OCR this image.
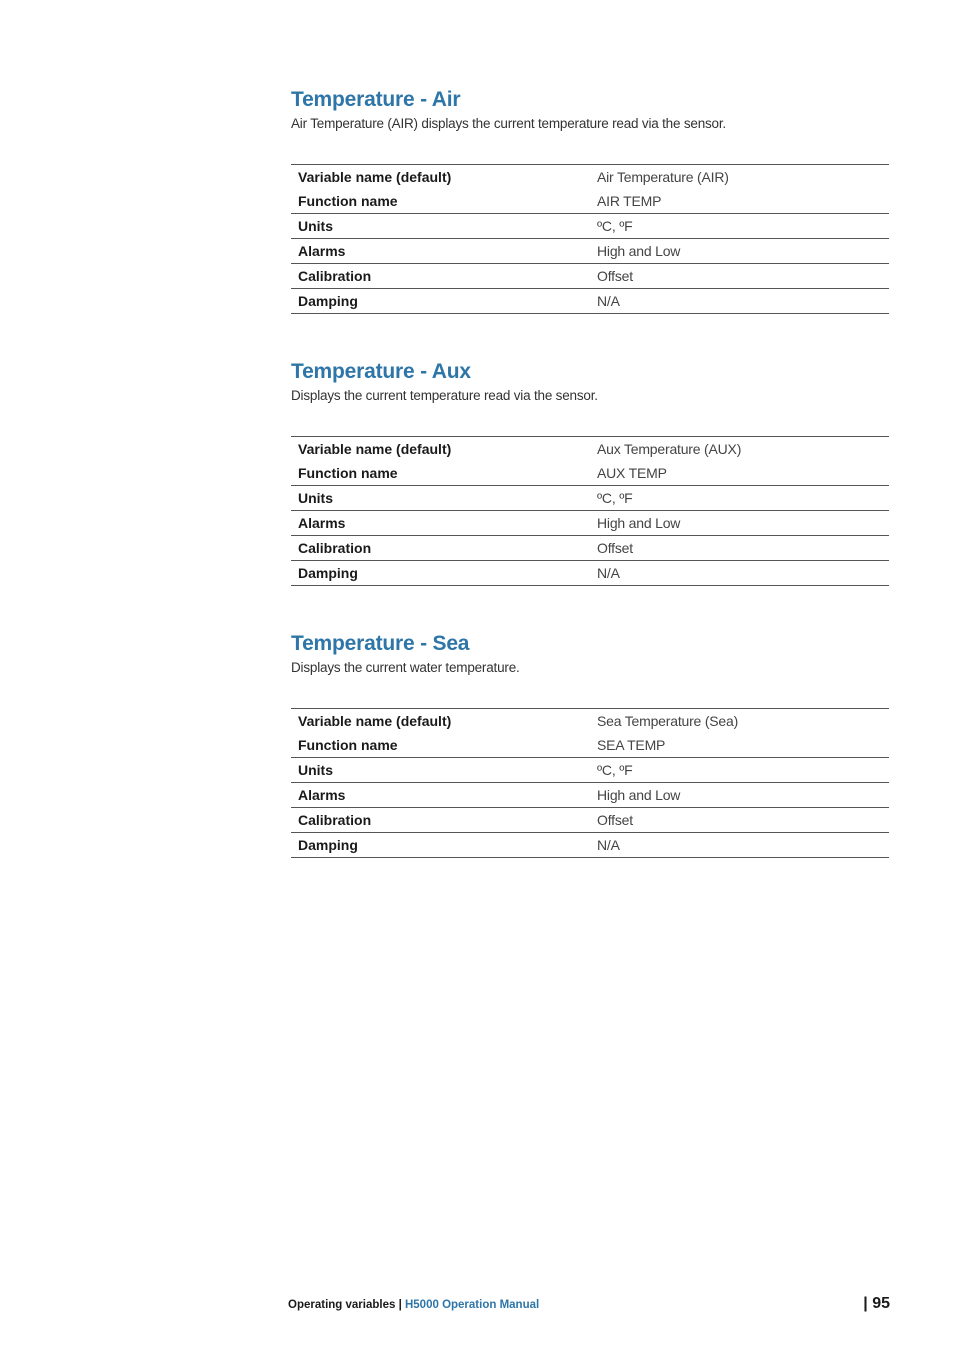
Temperature - Air

Air Temperature (AIR) displays the current temperature read via the sensor.

Variable name (default)	Air Temperature (AIR)
Function name	AIR TEMP
Units	ºC, ºF
Alarms	High and Low
Calibration	Offset
Damping	N/A
Temperature - Aux

Displays the current temperature read via the sensor.

Variable name (default)	Aux Temperature (AUX)
Function name	AUX TEMP
Units	ºC, ºF
Alarms	High and Low
Calibration	Offset
Damping	N/A
Temperature - Sea

Displays the current water temperature.

Variable name (default)	Sea Temperature (Sea)
Function name	SEA TEMP
Units	ºC, ºF
Alarms	High and Low
Calibration	Offset
Damping	N/A
Operating variables | H5000 Operation Manual	| 95
